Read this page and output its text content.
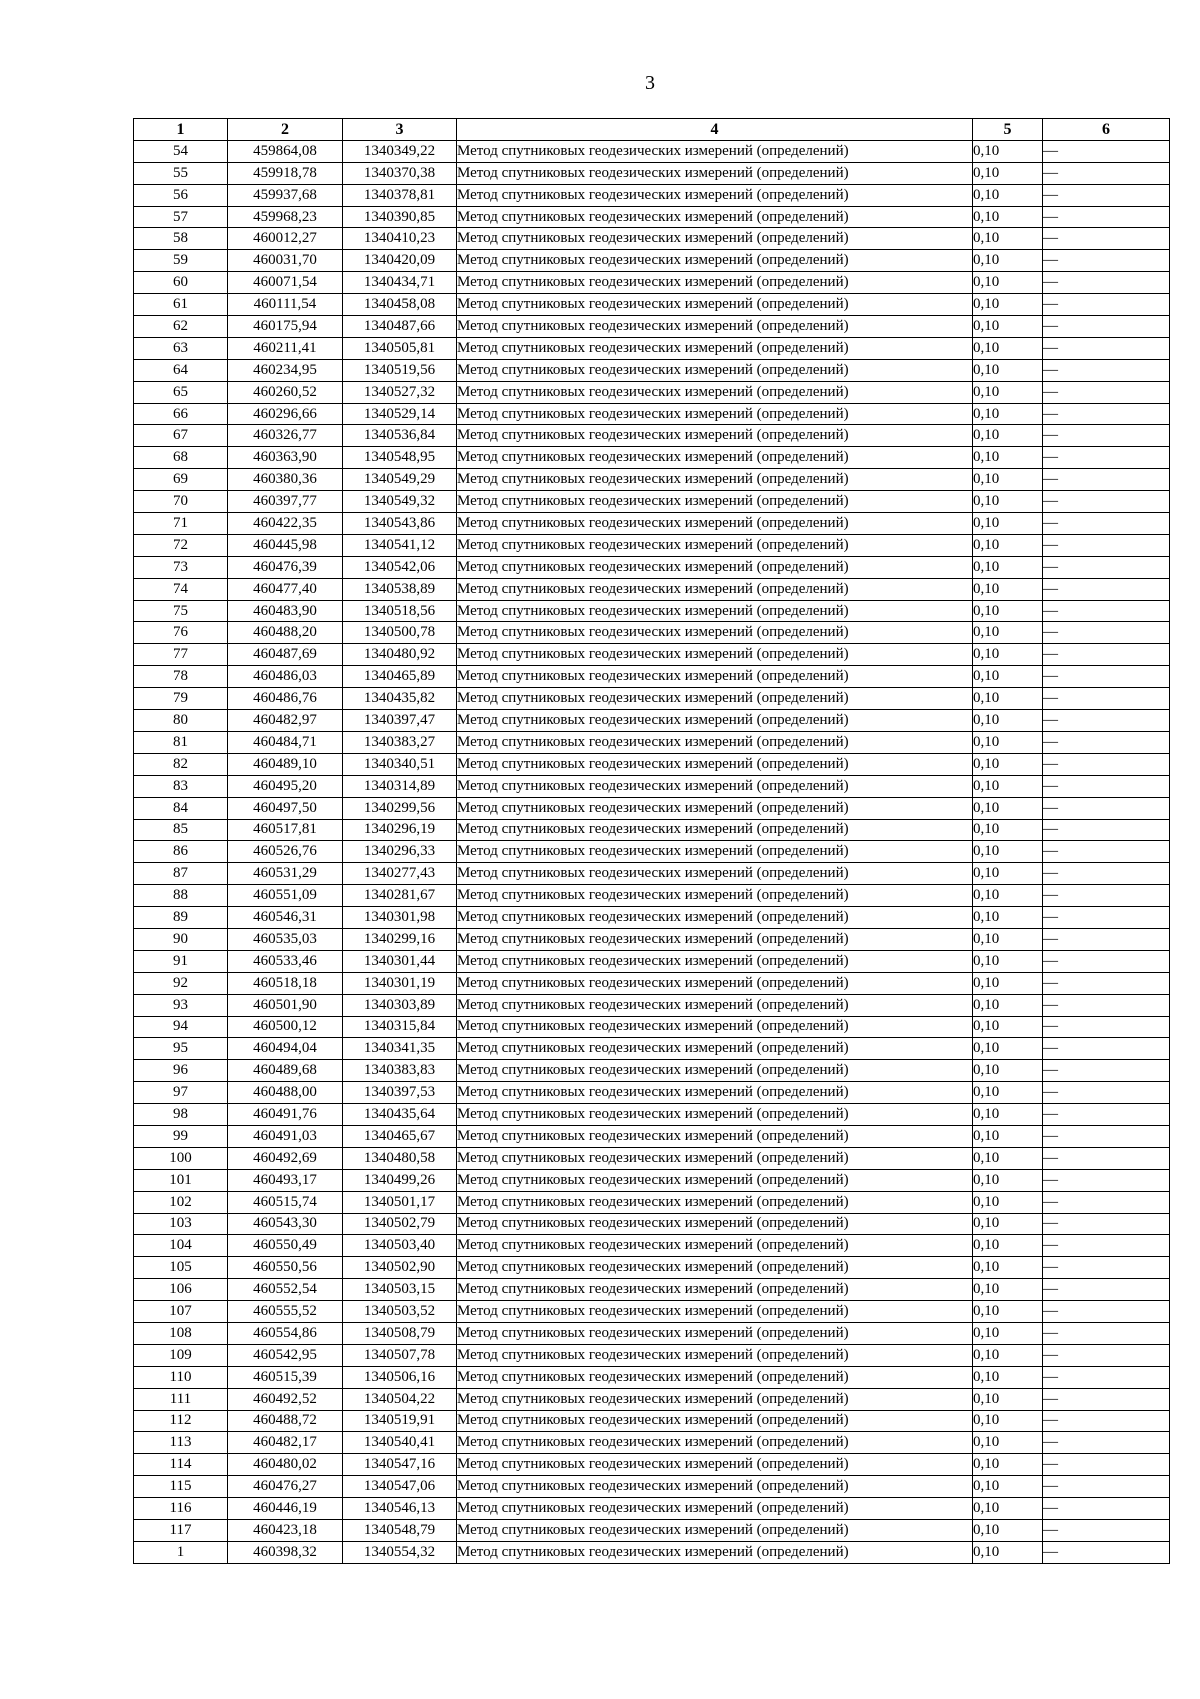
3
1	2	3	4	5	6
54	459864,08	1340349,22	Метод спутниковых геодезических измерений (определений)	0,10	—
55	459918,78	1340370,38	Метод спутниковых геодезических измерений (определений)	0,10	—
56	459937,68	1340378,81	Метод спутниковых геодезических измерений (определений)	0,10	—
57	459968,23	1340390,85	Метод спутниковых геодезических измерений (определений)	0,10	—
58	460012,27	1340410,23	Метод спутниковых геодезических измерений (определений)	0,10	—
59	460031,70	1340420,09	Метод спутниковых геодезических измерений (определений)	0,10	—
60	460071,54	1340434,71	Метод спутниковых геодезических измерений (определений)	0,10	—
61	460111,54	1340458,08	Метод спутниковых геодезических измерений (определений)	0,10	—
62	460175,94	1340487,66	Метод спутниковых геодезических измерений (определений)	0,10	—
63	460211,41	1340505,81	Метод спутниковых геодезических измерений (определений)	0,10	—
64	460234,95	1340519,56	Метод спутниковых геодезических измерений (определений)	0,10	—
65	460260,52	1340527,32	Метод спутниковых геодезических измерений (определений)	0,10	—
66	460296,66	1340529,14	Метод спутниковых геодезических измерений (определений)	0,10	—
67	460326,77	1340536,84	Метод спутниковых геодезических измерений (определений)	0,10	—
68	460363,90	1340548,95	Метод спутниковых геодезических измерений (определений)	0,10	—
69	460380,36	1340549,29	Метод спутниковых геодезических измерений (определений)	0,10	—
70	460397,77	1340549,32	Метод спутниковых геодезических измерений (определений)	0,10	—
71	460422,35	1340543,86	Метод спутниковых геодезических измерений (определений)	0,10	—
72	460445,98	1340541,12	Метод спутниковых геодезических измерений (определений)	0,10	—
73	460476,39	1340542,06	Метод спутниковых геодезических измерений (определений)	0,10	—
74	460477,40	1340538,89	Метод спутниковых геодезических измерений (определений)	0,10	—
75	460483,90	1340518,56	Метод спутниковых геодезических измерений (определений)	0,10	—
76	460488,20	1340500,78	Метод спутниковых геодезических измерений (определений)	0,10	—
77	460487,69	1340480,92	Метод спутниковых геодезических измерений (определений)	0,10	—
78	460486,03	1340465,89	Метод спутниковых геодезических измерений (определений)	0,10	—
79	460486,76	1340435,82	Метод спутниковых геодезических измерений (определений)	0,10	—
80	460482,97	1340397,47	Метод спутниковых геодезических измерений (определений)	0,10	—
81	460484,71	1340383,27	Метод спутниковых геодезических измерений (определений)	0,10	—
82	460489,10	1340340,51	Метод спутниковых геодезических измерений (определений)	0,10	—
83	460495,20	1340314,89	Метод спутниковых геодезических измерений (определений)	0,10	—
84	460497,50	1340299,56	Метод спутниковых геодезических измерений (определений)	0,10	—
85	460517,81	1340296,19	Метод спутниковых геодезических измерений (определений)	0,10	—
86	460526,76	1340296,33	Метод спутниковых геодезических измерений (определений)	0,10	—
87	460531,29	1340277,43	Метод спутниковых геодезических измерений (определений)	0,10	—
88	460551,09	1340281,67	Метод спутниковых геодезических измерений (определений)	0,10	—
89	460546,31	1340301,98	Метод спутниковых геодезических измерений (определений)	0,10	—
90	460535,03	1340299,16	Метод спутниковых геодезических измерений (определений)	0,10	—
91	460533,46	1340301,44	Метод спутниковых геодезических измерений (определений)	0,10	—
92	460518,18	1340301,19	Метод спутниковых геодезических измерений (определений)	0,10	—
93	460501,90	1340303,89	Метод спутниковых геодезических измерений (определений)	0,10	—
94	460500,12	1340315,84	Метод спутниковых геодезических измерений (определений)	0,10	—
95	460494,04	1340341,35	Метод спутниковых геодезических измерений (определений)	0,10	—
96	460489,68	1340383,83	Метод спутниковых геодезических измерений (определений)	0,10	—
97	460488,00	1340397,53	Метод спутниковых геодезических измерений (определений)	0,10	—
98	460491,76	1340435,64	Метод спутниковых геодезических измерений (определений)	0,10	—
99	460491,03	1340465,67	Метод спутниковых геодезических измерений (определений)	0,10	—
100	460492,69	1340480,58	Метод спутниковых геодезических измерений (определений)	0,10	—
101	460493,17	1340499,26	Метод спутниковых геодезических измерений (определений)	0,10	—
102	460515,74	1340501,17	Метод спутниковых геодезических измерений (определений)	0,10	—
103	460543,30	1340502,79	Метод спутниковых геодезических измерений (определений)	0,10	—
104	460550,49	1340503,40	Метод спутниковых геодезических измерений (определений)	0,10	—
105	460550,56	1340502,90	Метод спутниковых геодезических измерений (определений)	0,10	—
106	460552,54	1340503,15	Метод спутниковых геодезических измерений (определений)	0,10	—
107	460555,52	1340503,52	Метод спутниковых геодезических измерений (определений)	0,10	—
108	460554,86	1340508,79	Метод спутниковых геодезических измерений (определений)	0,10	—
109	460542,95	1340507,78	Метод спутниковых геодезических измерений (определений)	0,10	—
110	460515,39	1340506,16	Метод спутниковых геодезических измерений (определений)	0,10	—
111	460492,52	1340504,22	Метод спутниковых геодезических измерений (определений)	0,10	—
112	460488,72	1340519,91	Метод спутниковых геодезических измерений (определений)	0,10	—
113	460482,17	1340540,41	Метод спутниковых геодезических измерений (определений)	0,10	—
114	460480,02	1340547,16	Метод спутниковых геодезических измерений (определений)	0,10	—
115	460476,27	1340547,06	Метод спутниковых геодезических измерений (определений)	0,10	—
116	460446,19	1340546,13	Метод спутниковых геодезических измерений (определений)	0,10	—
117	460423,18	1340548,79	Метод спутниковых геодезических измерений (определений)	0,10	—
1	460398,32	1340554,32	Метод спутниковых геодезических измерений (определений)	0,10	—
